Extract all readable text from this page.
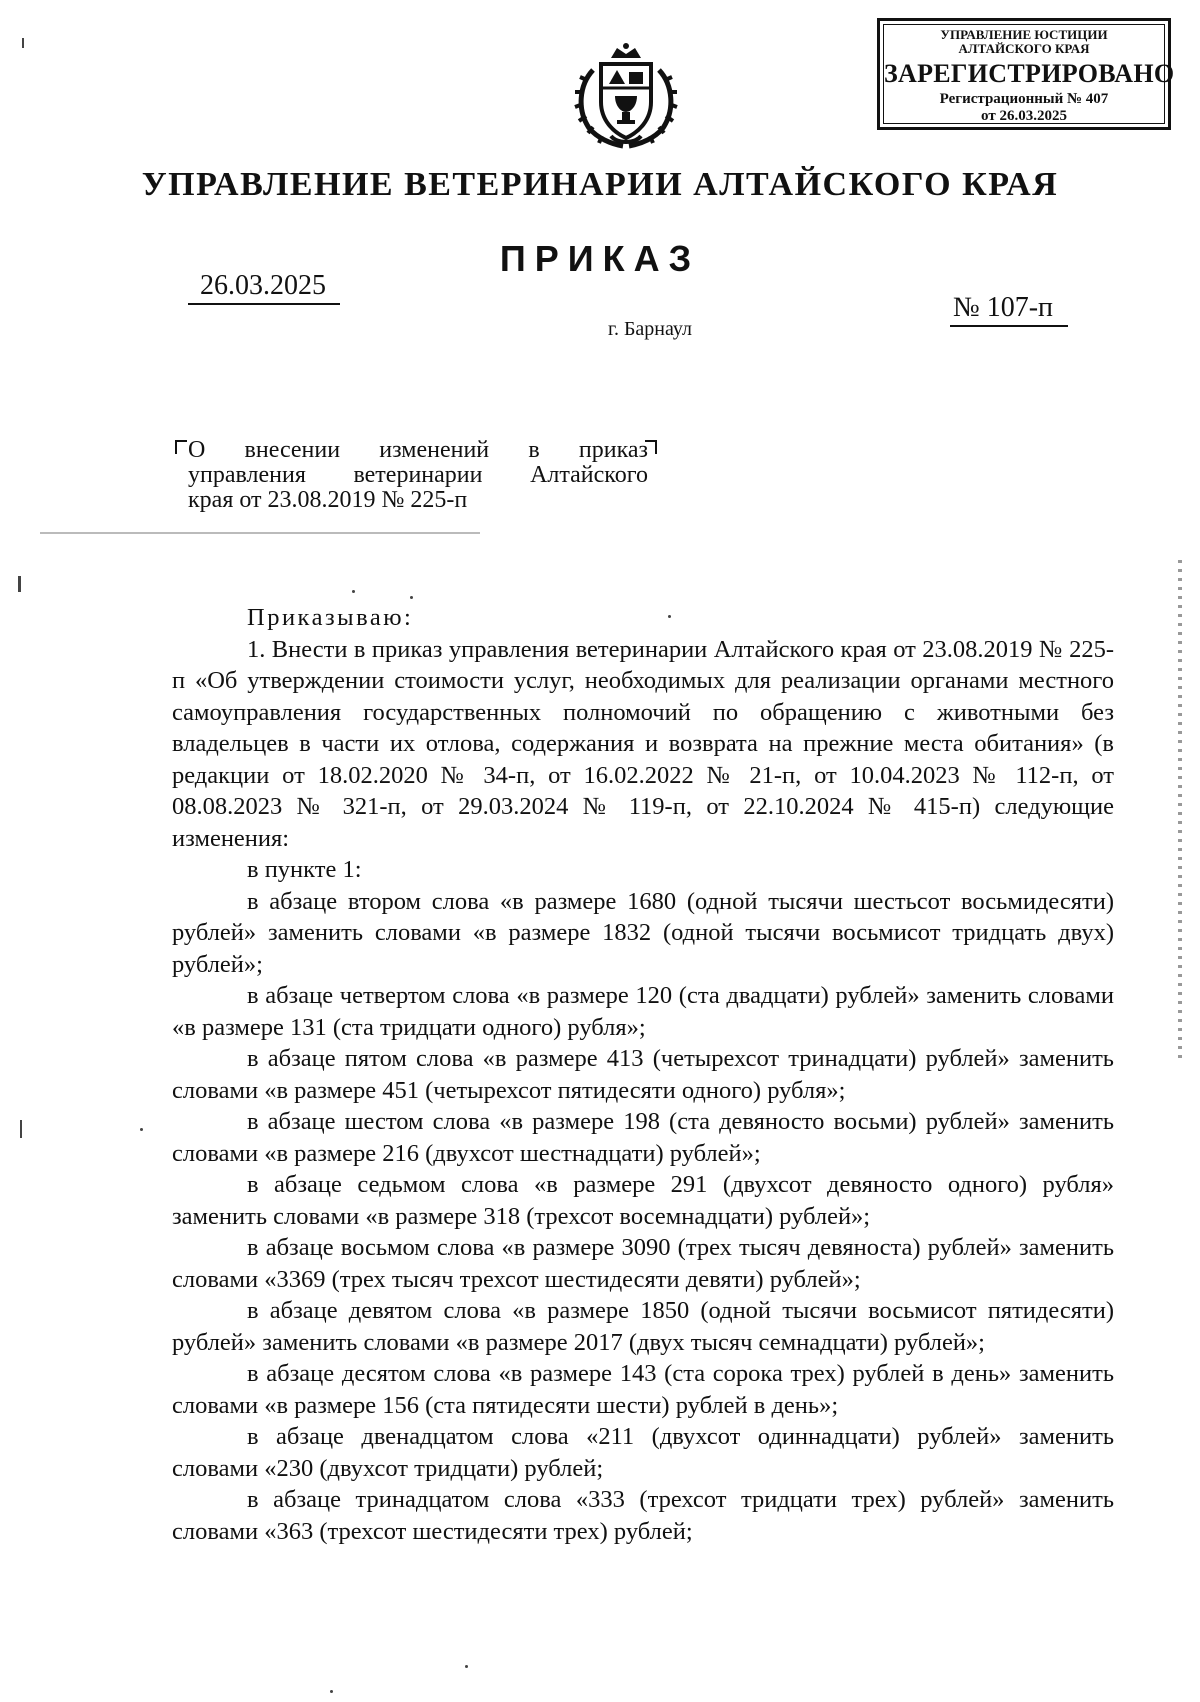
УПРАВЛЕНИЕ ЮСТИЦИИ
АЛТАЙСКОГО КРАЯ
ЗАРЕГИСТРИРОВАНО
Регистрационный № 407
от 26.03.2025
УПРАВЛЕНИЕ ВЕТЕРИНАРИИ АЛТАЙСКОГО КРАЯ
ПРИКАЗ
26.03.2025
№ 107-п
г. Барнаул

О внесении изменений в приказ

управления ветеринарии Алтайского

края от 23.08.2019 № 225-п

Приказываю:

1. Внести в приказ управления ветеринарии Алтайского края от 23.08.2019 № 225-п «Об утверждении стоимости услуг, необходимых для реализации органами местного самоуправления государственных полномочий по обращению с животными без владельцев в части их отлова, содержания и возврата на прежние места обитания» (в редакции от 18.02.2020 № 34-п, от 16.02.2022 № 21-п, от 10.04.2023 № 112-п, от 08.08.2023 № 321-п, от 29.03.2024 № 119-п, от 22.10.2024 № 415-п) следующие изменения:

в пункте 1:

в абзаце втором слова «в размере 1680 (одной тысячи шестьсот восьмидесяти) рублей» заменить словами «в размере 1832 (одной тысячи восьмисот тридцать двух) рублей»;

в абзаце четвертом слова «в размере 120 (ста двадцати) рублей» заменить словами «в размере 131 (ста тридцати одного) рубля»;

в абзаце пятом слова «в размере 413 (четырехсот тринадцати) рублей» заменить словами «в размере 451 (четырехсот пятидесяти одного) рубля»;

в абзаце шестом слова «в размере 198 (ста девяносто восьми) рублей» заменить словами «в размере 216 (двухсот шестнадцати) рублей»;

в абзаце седьмом слова «в размере 291 (двухсот девяносто одного) рубля» заменить словами «в размере 318 (трехсот восемнадцати) рублей»;

в абзаце восьмом слова «в размере 3090 (трех тысяч девяноста) рублей» заменить словами «3369 (трех тысяч трехсот шестидесяти девяти) рублей»;

в абзаце девятом слова «в размере 1850 (одной тысячи восьмисот пятидесяти) рублей» заменить словами «в размере 2017 (двух тысяч семнадцати) рублей»;

в абзаце десятом слова «в размере 143 (ста сорока трех) рублей в день» заменить словами «в размере 156 (ста пятидесяти шести) рублей в день»;

в абзаце двенадцатом слова «211 (двухсот одиннадцати) рублей» заменить словами «230 (двухсот тридцати) рублей;

в абзаце тринадцатом слова «333 (трехсот тридцати трех) рублей» заменить словами «363 (трехсот шестидесяти трех) рублей;
